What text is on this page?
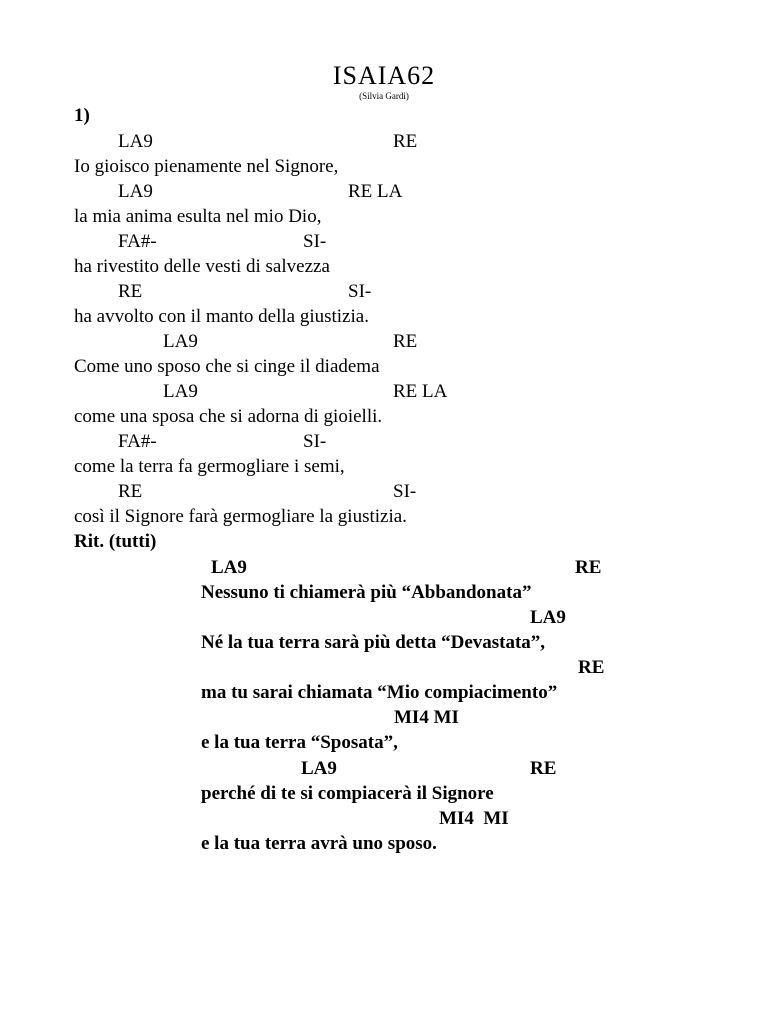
ISAIA62
(Silvia Gardi)
1)
LA9	RE
Io gioisco pienamente nel Signore,
LA9	RE LA
la mia anima esulta nel mio Dio,
FA#-	SI-
ha rivestito delle vesti di salvezza
RE	SI-
ha avvolto con il manto della giustizia.
LA9	RE
Come uno sposo che si cinge il diadema
LA9	RE LA
come una sposa che si adorna di gioielli.
FA#-	SI-
come la terra fa germogliare i semi,
RE	SI-
così il Signore farà germogliare la giustizia.
Rit. (tutti)
LA9	RE
Nessuno ti chiamerà più “Abbandonata”
LA9
Né la tua terra sarà più detta “Devastata”,
RE
ma tu sarai chiamata “Mio compiacimento”
MI4 MI
e la tua terra “Sposata”,
LA9	RE
perché di te si compiacerà il Signore
MI4  MI
e la tua terra avrà uno sposo.
